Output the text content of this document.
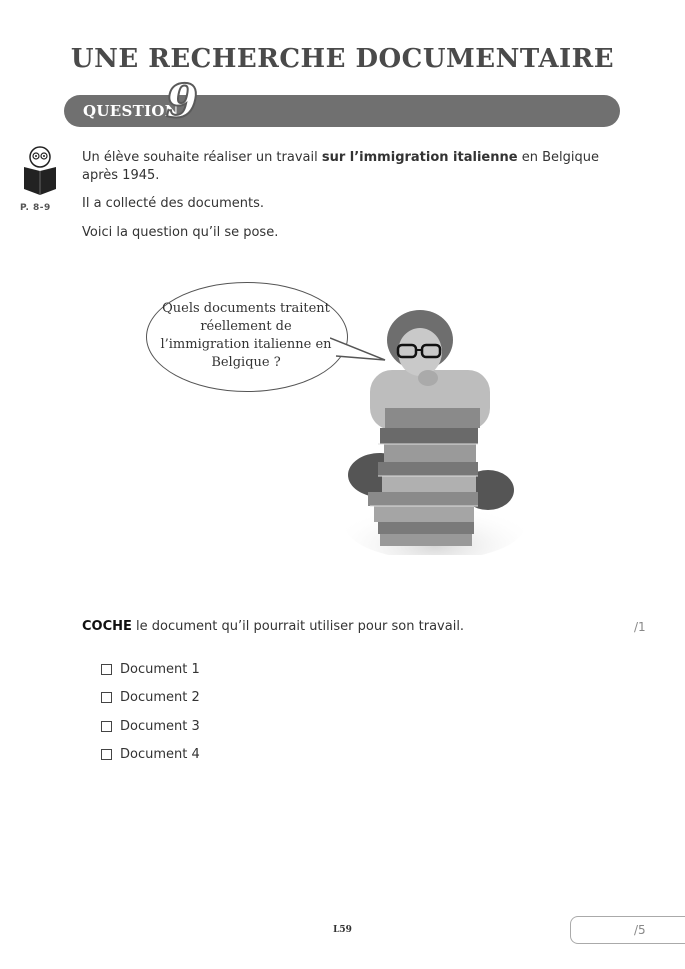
UNE RECHERCHE DOCUMENTAIRE
QUESTION
9
P. 8-9
Un élève souhaite réaliser un travail sur l’immigration italienne en Belgique après 1945.
Il a collecté des documents.
Voici la question qu’il se pose.
Quels documents traitent réellement de l’immigration italienne en Belgique ?
COCHE le document qu’il pourrait utiliser pour son travail.	/1
Document 1
Document 2
Document 3
Document 4
L59	/5
